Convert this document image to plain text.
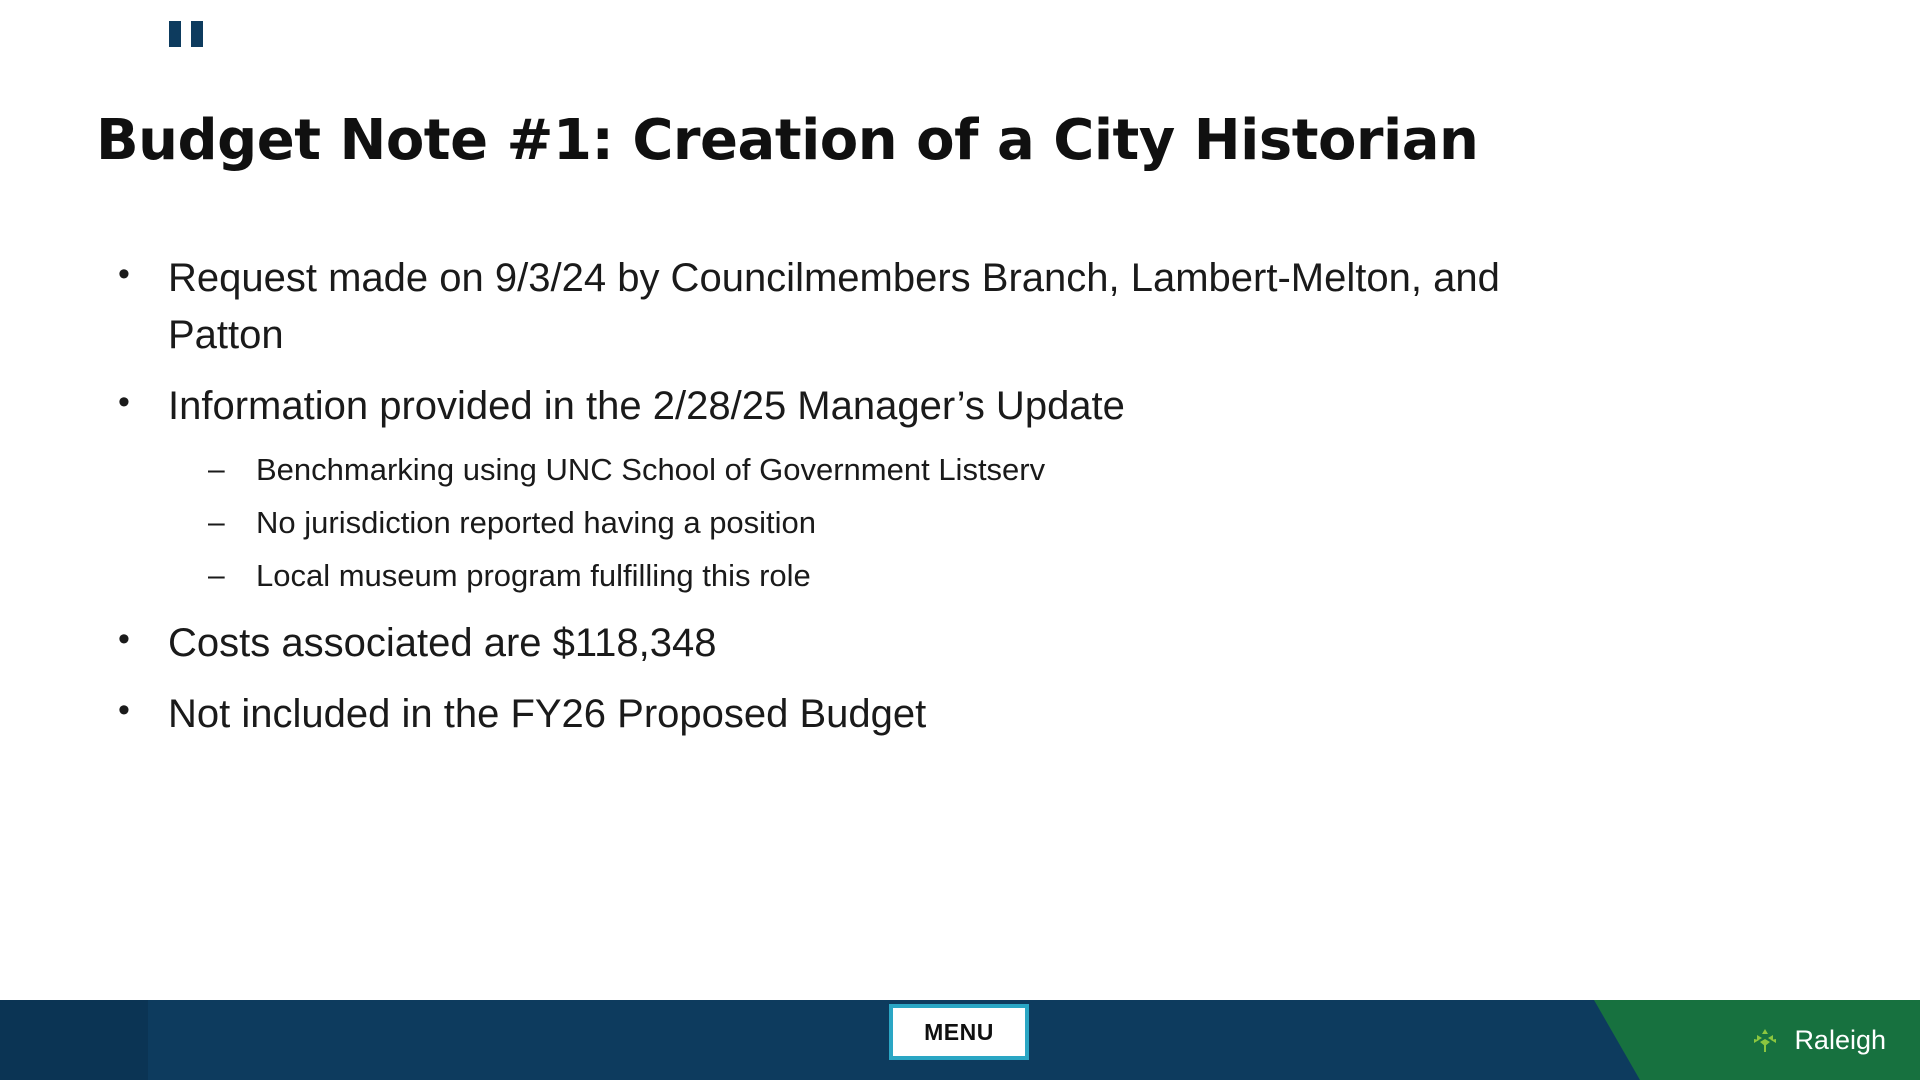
Budget Note #1: Creation of a City Historian
• Request made on 9/3/24 by Councilmembers Branch, Lambert-Melton, and Patton
• Information provided in the 2/28/25 Manager’s Update
–	Benchmarking using UNC School of Government Listserv
–	No jurisdiction reported having a position
–	Local museum program fulfilling this role
• Costs associated are $118,348
• Not included in the FY26 Proposed Budget
MENU	Raleigh
